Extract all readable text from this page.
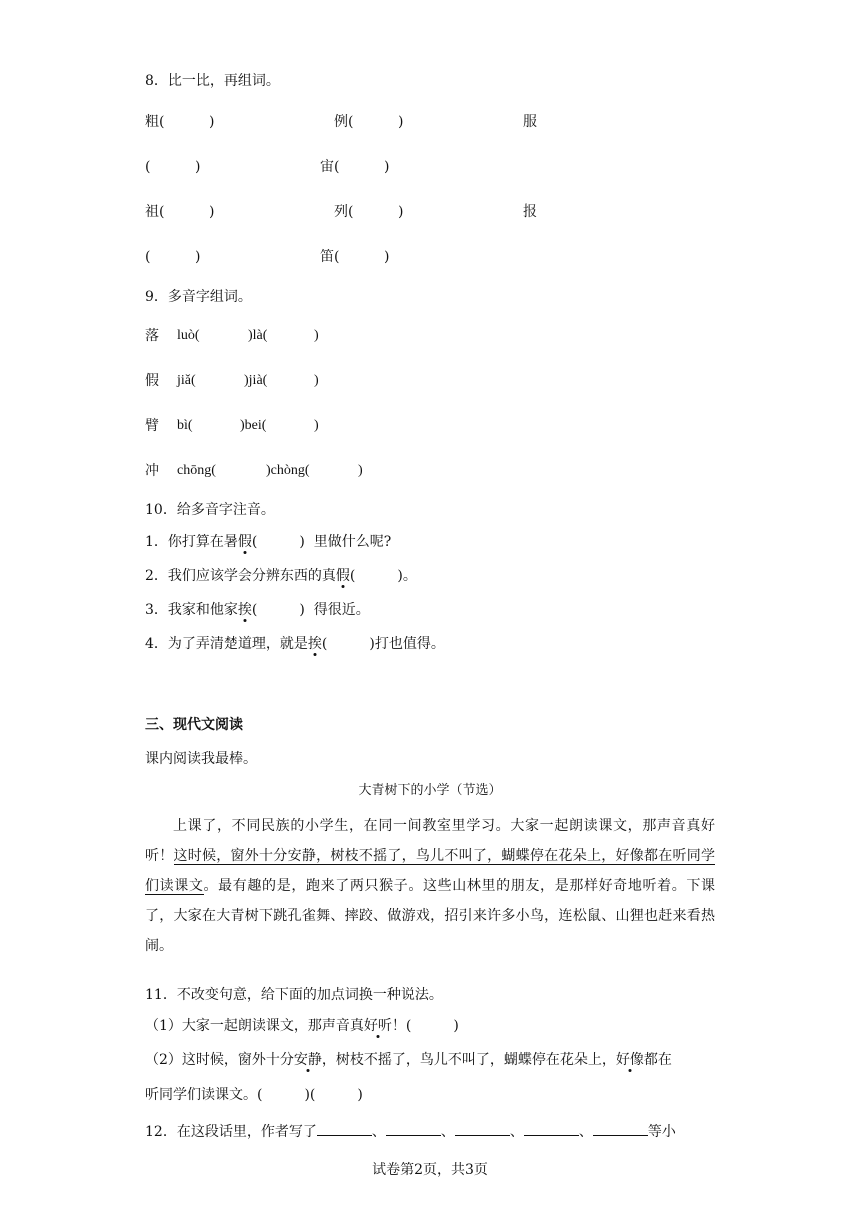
8．比一比，再组词。
粗(	)	例(	)	服
(	)	宙(	)
祖(	)	列(	)	报
(	)	笛(	)
9．多音字组词。
落 luò(	)là(	)
假 jiǎ(	)jià(	)
臂 bì(	)bei(	)
冲 chōng(	)chòng(	)
10．给多音字注音。
1．你打算在暑假(　　　)  里做什么呢?
2．我们应该学会分辨东西的真假(　　　)。
3．我家和他家挨(　　　)  得很近。
4．为了弄清楚道理，就是挨(　　　)打也值得。
三、现代文阅读
课内阅读我最棒。
大青树下的小学（节选）
上课了，不同民族的小学生，在同一间教室里学习。大家一起朗读课文，那声音真好听！这时候，窗外十分安静，树枝不摇了，鸟儿不叫了，蝴蝶停在花朵上，好像都在听同学们读课文。最有趣的是，跑来了两只猴子。这些山林里的朋友，是那样好奇地听着。下课了，大家在大青树下跳孔雀舞、摔跤、做游戏，招引来许多小鸟，连松鼠、山狸也赶来看热闹。
11．不改变句意，给下面的加点词换一种说法。
（1）大家一起朗读课文，那声音真好听！(　　　)
（2）这时候，窗外十分安静，树枝不摇了，鸟儿不叫了，蝴蝶停在花朵上，好像都在
听同学们读课文。(　　　)(　　　)
12．在这段话里，作者写了	、	、	、	、	等小
试卷第2页，共3页
